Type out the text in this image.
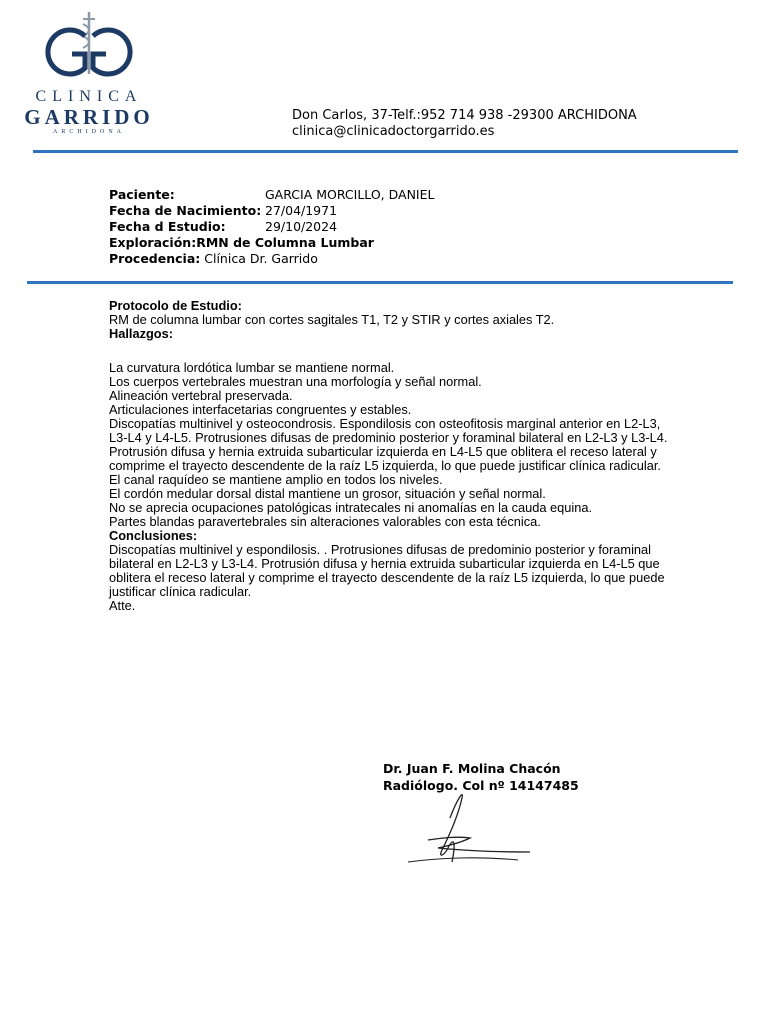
CLINICA
GARRIDO
ARCHIDONA
Don Carlos, 37-Telf.:952 714 938 -29300 ARCHIDONA
clinica@clinicadoctorgarrido.es
Paciente:	GARCIA MORCILLO, DANIEL
Fecha de Nacimiento: 27/04/1971
Fecha d Estudio:	29/10/2024
Exploración:RMN de Columna Lumbar
Procedencia: Clínica Dr. Garrido

Protocolo de Estudio:

RM de columna lumbar con cortes sagitales T1, T2 y STIR y cortes axiales T2.

Hallazgos:

La curvatura lordótica lumbar se mantiene normal.

Los cuerpos vertebrales muestran una morfología y señal normal.

Alineación vertebral preservada.

Articulaciones interfacetarias congruentes y estables.

Discopatías multinivel y osteocondrosis. Espondilosis con osteofitosis marginal anterior en L2-L3, L3-L4 y L4-L5. Protrusiones difusas de predominio posterior y foraminal bilateral en L2-L3 y L3-L4. Protrusión difusa y hernia extruida subarticular izquierda en L4-L5 que oblitera el receso lateral y comprime el trayecto descendente de la raíz L5 izquierda, lo que puede justificar clínica radicular.

El canal raquídeo se mantiene amplio en todos los niveles.

El cordón medular dorsal distal mantiene un grosor, situación y señal normal.

No se aprecia ocupaciones patológicas intratecales ni anomalías en la cauda equina.

Partes blandas paravertebrales sin alteraciones valorables con esta técnica.

Conclusiones:

Discopatías multinivel y espondilosis. . Protrusiones difusas de predominio posterior y foraminal bilateral en L2-L3 y L3-L4. Protrusión difusa y hernia extruida subarticular izquierda en L4-L5 que oblitera el receso lateral y comprime el trayecto descendente de la raíz L5 izquierda, lo que puede justificar clínica radicular.

Atte.

Dr. Juan F. Molina Chacón
Radiólogo. Col nº 14147485
